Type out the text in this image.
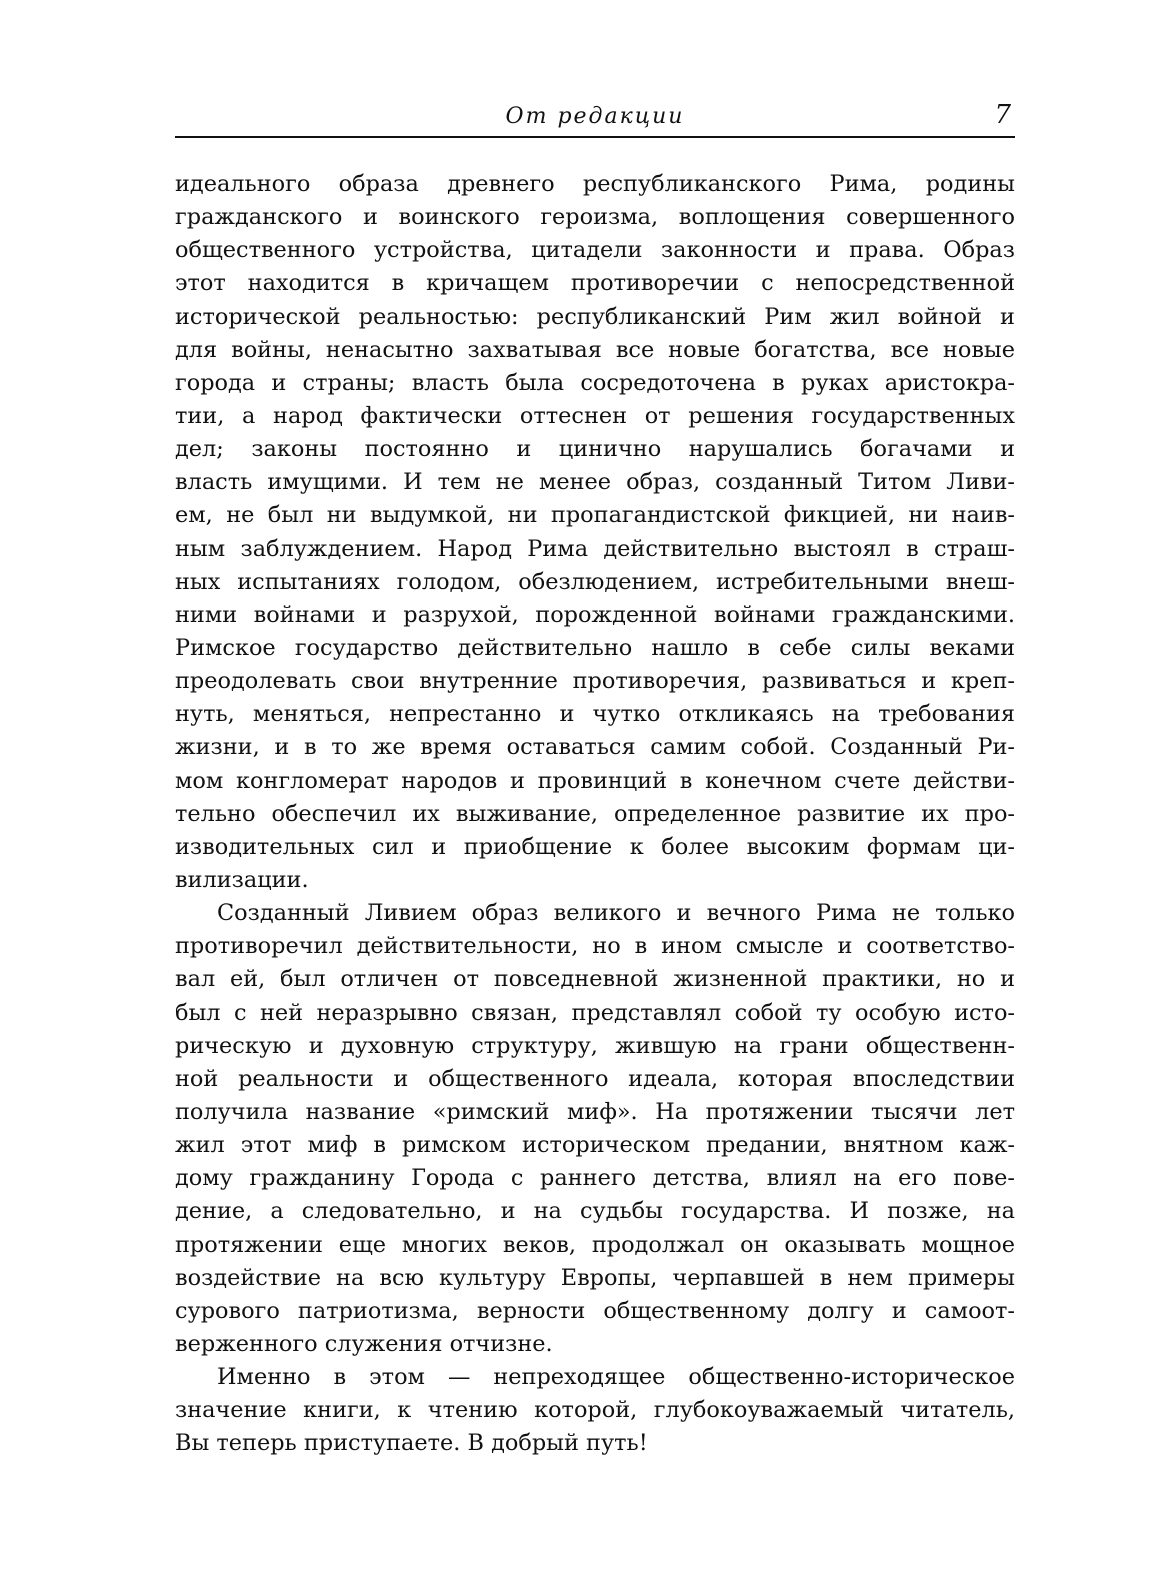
От редакции	7
идеального образа древнего республиканского Рима, родины
гражданского и воинского героизма, воплощения совершенного
общественного устройства, цитадели законности и права. Образ
этот находится в кричащем противоречии с непосредственной
исторической реальностью: республиканский Рим жил войной и
для войны, ненасытно захватывая все новые богатства, все новые
города и страны; власть была сосредоточена в руках аристокра-
тии, а народ фактически оттеснен от решения государственных
дел; законы постоянно и цинично нарушались богачами и
власть имущими. И тем не менее образ, созданный Титом Ливи-
ем, не был ни выдумкой, ни пропагандистской фикцией, ни наив-
ным заблуждением. Народ Рима действительно выстоял в страш-
ных испытаниях голодом, обезлюдением, истребительными внеш-
ними войнами и разрухой, порожденной войнами гражданскими.
Римское государство действительно нашло в себе силы веками
преодолевать свои внутренние противоречия, развиваться и креп-
нуть, меняться, непрестанно и чутко откликаясь на требования
жизни, и в то же время оставаться самим собой. Созданный Ри-
мом конгломерат народов и провинций в конечном счете действи-
тельно обеспечил их выживание, определенное развитие их про-
изводительных сил и приобщение к более высоким формам ци-
вилизации.
Созданный Ливием образ великого и вечного Рима не только
противоречил действительности, но в ином смысле и соответство-
вал ей, был отличен от повседневной жизненной практики, но и
был с ней неразрывно связан, представлял собой ту особую исто-
рическую и духовную структуру, жившую на грани общественн-
ной реальности и общественного идеала, которая впоследствии
получила название «римский миф». На протяжении тысячи лет
жил этот миф в римском историческом предании, внятном каж-
дому гражданину Города с раннего детства, влиял на его пове-
дение, а следовательно, и на судьбы государства. И позже, на
протяжении еще многих веков, продолжал он оказывать мощное
воздействие на всю культуру Европы, черпавшей в нем примеры
сурового патриотизма, верности общественному долгу и самоот-
верженного служения отчизне.
Именно в этом — непреходящее общественно-историческое
значение книги, к чтению которой, глубокоуважаемый читатель,
Вы теперь приступаете. В добрый путь!
